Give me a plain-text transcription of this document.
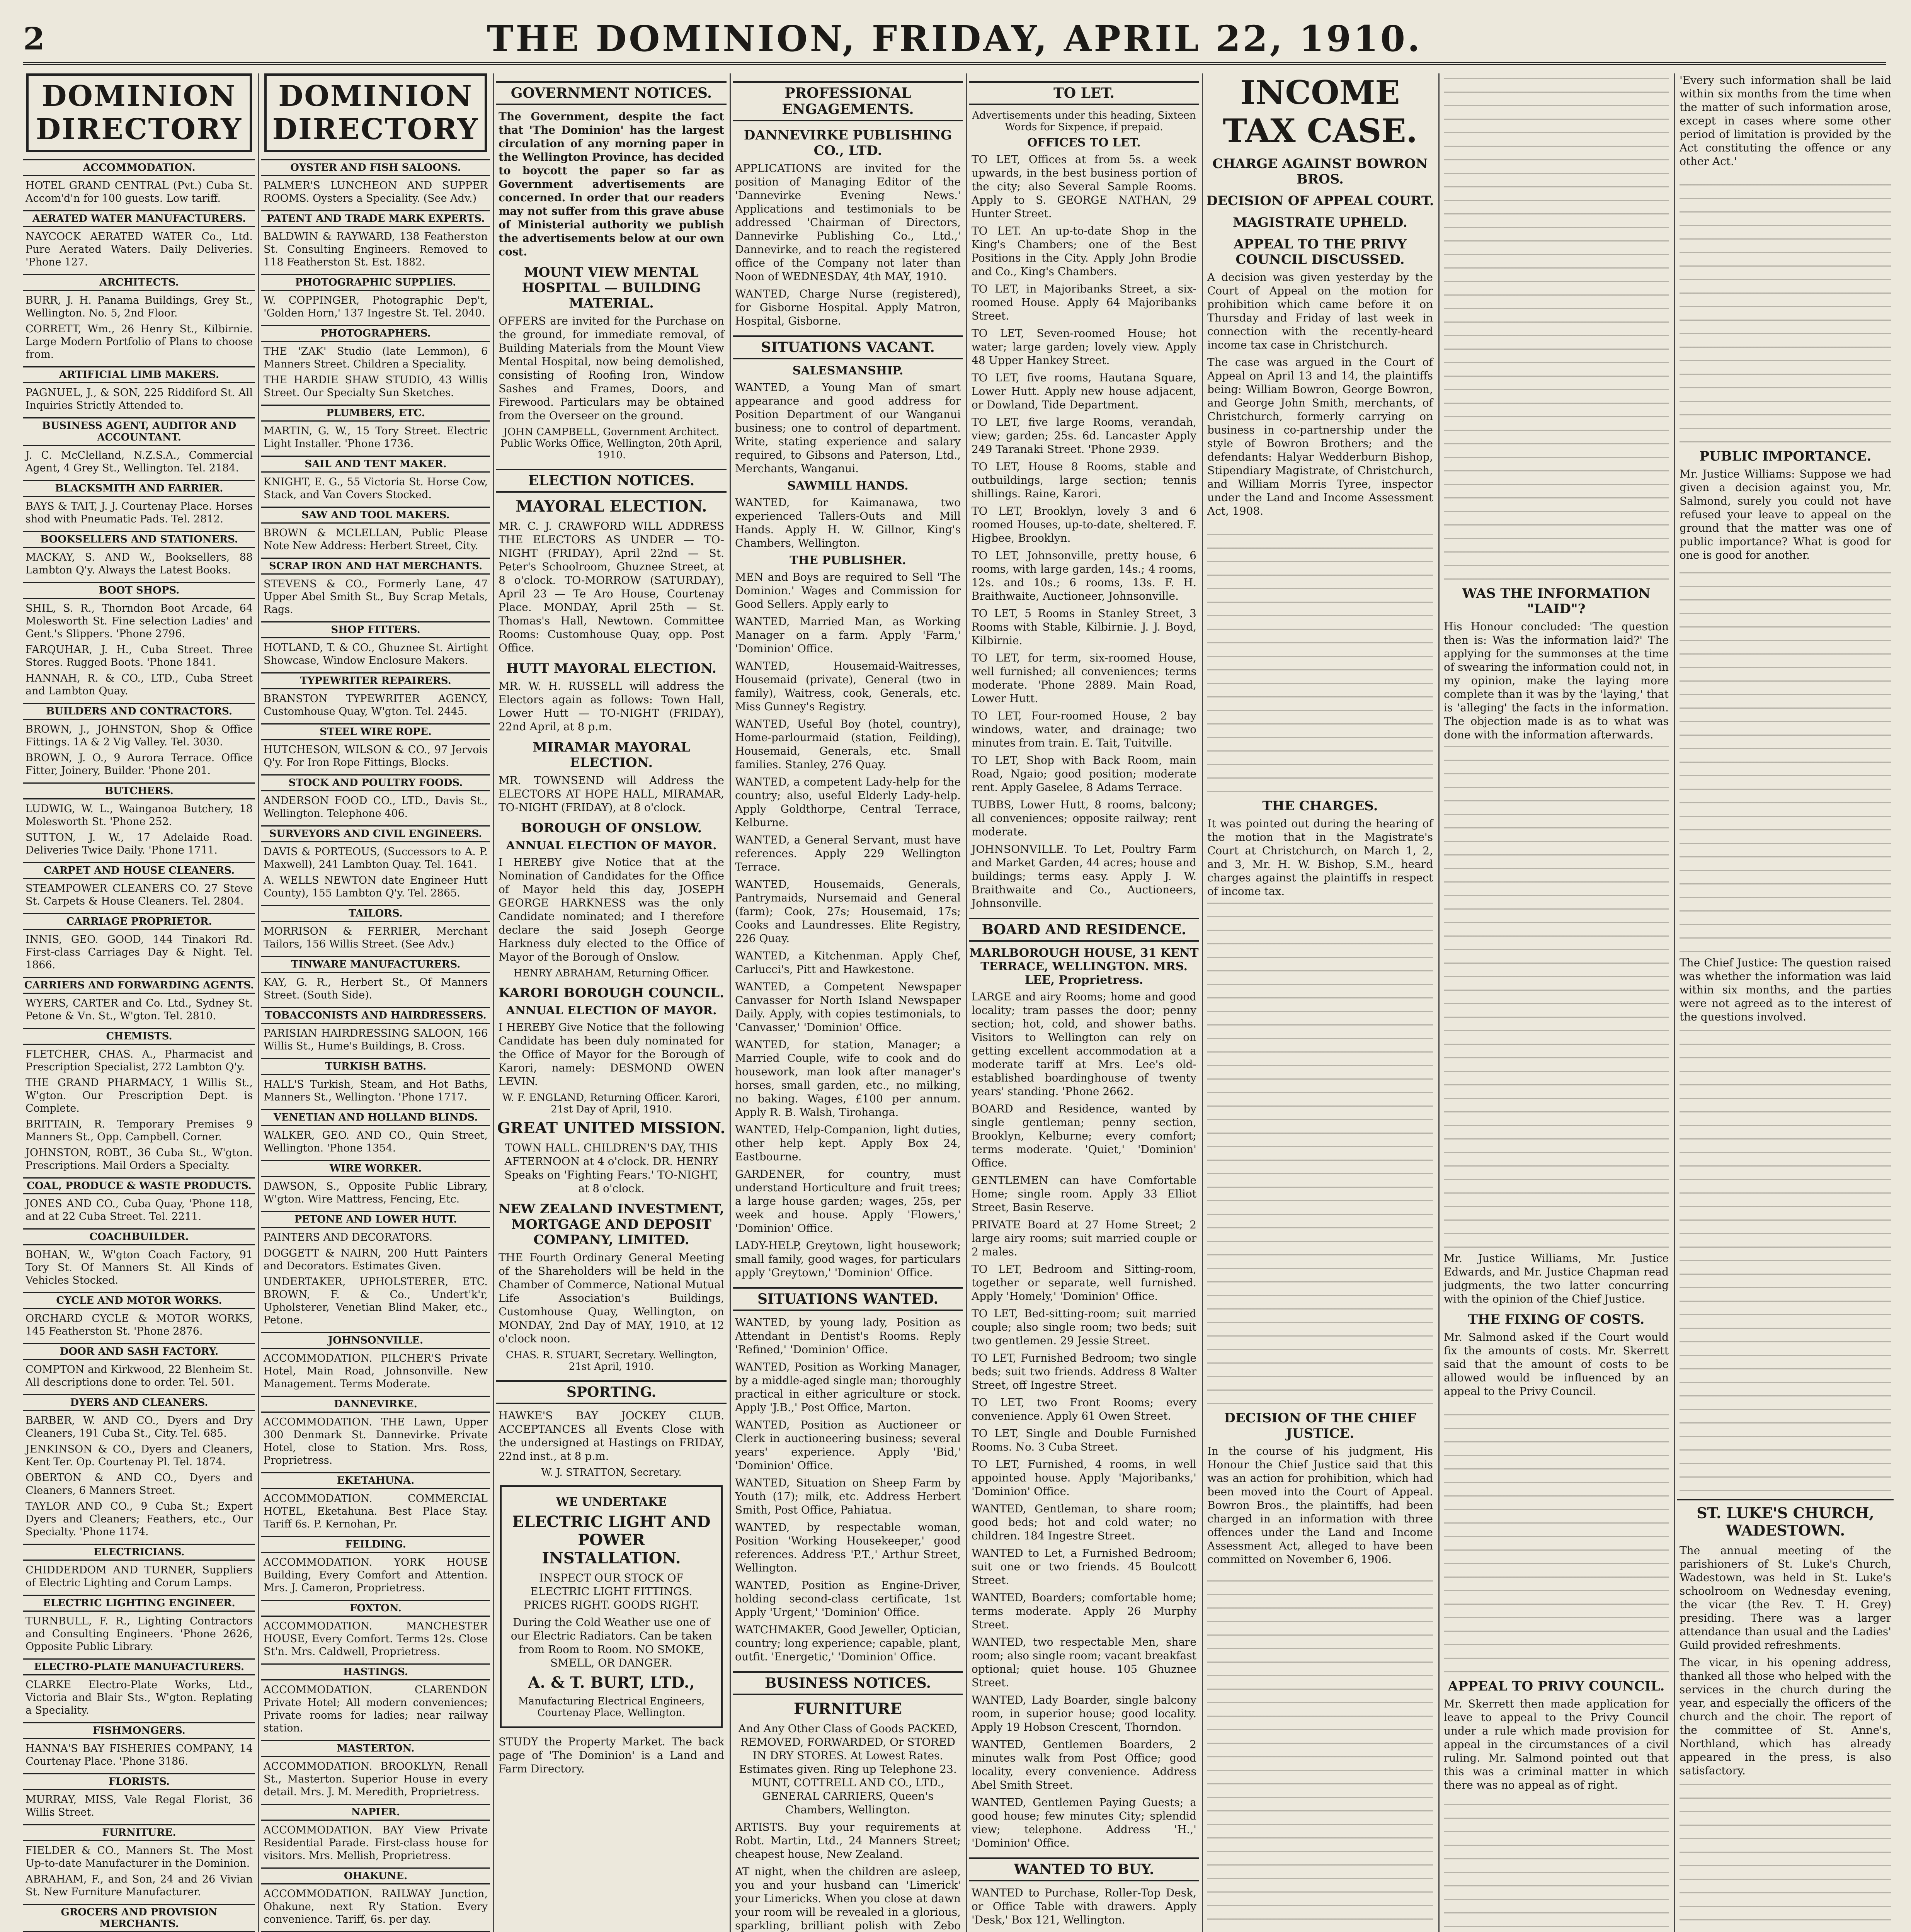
2	THE DOMINION, FRIDAY, APRIL 22, 1910.
DOMINION DIRECTORY
ACCOMMODATION.
HOTEL GRAND CENTRAL (Pvt.) Cuba St. Accom'd'n for 100 guests. Low tariff.
AERATED WATER MANUFACTURERS.
NAYCOCK AERATED WATER Co., Ltd. Pure Aerated Waters. Daily Deliveries. 'Phone 127.
ARCHITECTS.
BURR, J. H. Panama Buildings, Grey St., Wellington. No. 5, 2nd Floor.
CORRETT, Wm., 26 Henry St., Kilbirnie. Large Modern Portfolio of Plans to choose from.
ARTIFICIAL LIMB MAKERS.
PAGNUEL, J., & SON, 225 Riddiford St. All Inquiries Strictly Attended to.
BUSINESS AGENT, AUDITOR AND ACCOUNTANT.
J. C. McClelland, N.Z.S.A., Commercial Agent, 4 Grey St., Wellington. Tel. 2184.
BLACKSMITH AND FARRIER.
BAYS & TAIT, J. J. Courtenay Place. Horses shod with Pneumatic Pads. Tel. 2812.
BOOKSELLERS AND STATIONERS.
MACKAY, S. AND W., Booksellers, 88 Lambton Q'y. Always the Latest Books.
BOOT SHOPS.
SHIL, S. R., Thorndon Boot Arcade, 64 Molesworth St. Fine selection Ladies' and Gent.'s Slippers. 'Phone 2796.
FARQUHAR, J. H., Cuba Street. Three Stores. Rugged Boots. 'Phone 1841.
HANNAH, R. & CO., LTD., Cuba Street and Lambton Quay.
BUILDERS AND CONTRACTORS.
BROWN, J., JOHNSTON, Shop & Office Fittings. 1A & 2 Vig Valley. Tel. 3030.
BROWN, J. O., 9 Aurora Terrace. Office Fitter, Joinery, Builder. 'Phone 201.
BUTCHERS.
LUDWIG, W. L., Wainganoa Butchery, 18 Molesworth St. 'Phone 252.
SUTTON, J. W., 17 Adelaide Road. Deliveries Twice Daily. 'Phone 1711.
CARPET AND HOUSE CLEANERS.
STEAMPOWER CLEANERS CO. 27 Steve St. Carpets & House Cleaners. Tel. 2804.
CARRIAGE PROPRIETOR.
INNIS, GEO. GOOD, 144 Tinakori Rd. First-class Carriages Day & Night. Tel. 1866.
CARRIERS AND FORWARDING AGENTS.
WYERS, CARTER and Co. Ltd., Sydney St. Petone & Vn. St., W'gton. Tel. 2810.
CHEMISTS.
FLETCHER, CHAS. A., Pharmacist and Prescription Specialist, 272 Lambton Q'y.
THE GRAND PHARMACY, 1 Willis St., W'gton. Our Prescription Dept. is Complete.
BRITTAIN, R. Temporary Premises 9 Manners St., Opp. Campbell. Corner.
JOHNSTON, ROBT., 36 Cuba St., W'gton. Prescriptions. Mail Orders a Specialty.
COAL, PRODUCE & WASTE PRODUCTS.
JONES AND CO., Cuba Quay, 'Phone 118, and at 22 Cuba Street. Tel. 2211.
COACHBUILDER.
BOHAN, W., W'gton Coach Factory, 91 Tory St. Of Manners St. All Kinds of Vehicles Stocked.
CYCLE AND MOTOR WORKS.
ORCHARD CYCLE & MOTOR WORKS, 145 Featherston St. 'Phone 2876.
DOOR AND SASH FACTORY.
COMPTON and Kirkwood, 22 Blenheim St. All descriptions done to order. Tel. 501.
DYERS AND CLEANERS.
BARBER, W. AND CO., Dyers and Dry Cleaners, 191 Cuba St., City. Tel. 685.
JENKINSON & CO., Dyers and Cleaners, Kent Ter. Op. Courtenay Pl. Tel. 1874.
OBERTON & AND CO., Dyers and Cleaners, 6 Manners Street.
TAYLOR AND CO., 9 Cuba St.; Expert Dyers and Cleaners; Feathers, etc., Our Specialty. 'Phone 1174.
ELECTRICIANS.
CHIDDERDOM AND TURNER, Suppliers of Electric Lighting and Corum Lamps.
ELECTRIC LIGHTING ENGINEER.
TURNBULL, F. R., Lighting Contractors and Consulting Engineers. 'Phone 2626, Opposite Public Library.
ELECTRO-PLATE MANUFACTURERS.
CLARKE Electro-Plate Works, Ltd., Victoria and Blair Sts., W'gton. Replating a Speciality.
FISHMONGERS.
HANNA'S BAY FISHERIES COMPANY, 14 Courtenay Place. 'Phone 3186.
FLORISTS.
MURRAY, MISS, Vale Regal Florist, 36 Willis Street.
FURNITURE.
FIELDER & CO., Manners St. The Most Up-to-date Manufacturer in the Dominion.
ABRAHAM, F., and Son, 24 and 26 Vivian St. New Furniture Manufacturer.
GROCERS AND PROVISION MERCHANTS.
DOMINION DIRECTORY
OYSTER AND FISH SALOONS.
PALMER'S LUNCHEON AND SUPPER ROOMS. Oysters a Speciality. (See Adv.)
PATENT AND TRADE MARK EXPERTS.
BALDWIN & RAYWARD, 138 Featherston St. Consulting Engineers. Removed to 118 Featherston St. Est. 1882.
PHOTOGRAPHIC SUPPLIES.
W. COPPINGER, Photographic Dep't, 'Golden Horn,' 137 Ingestre St. Tel. 2040.
PHOTOGRAPHERS.
THE 'ZAK' Studio (late Lemmon), 6 Manners Street. Children a Speciality.
THE HARDIE SHAW STUDIO, 43 Willis Street. Our Specialty Sun Sketches.
PLUMBERS, ETC.
MARTIN, G. W., 15 Tory Street. Electric Light Installer. 'Phone 1736.
SAIL AND TENT MAKER.
KNIGHT, E. G., 55 Victoria St. Horse Cow, Stack, and Van Covers Stocked.
SAW AND TOOL MAKERS.
BROWN & MCLELLAN, Public Please Note New Address: Herbert Street, City.
SCRAP IRON AND HAT MERCHANTS.
STEVENS & CO., Formerly Lane, 47 Upper Abel Smith St., Buy Scrap Metals, Rags.
SHOP FITTERS.
HOTLAND, T. & CO., Ghuznee St. Airtight Showcase, Window Enclosure Makers.
TYPEWRITER REPAIRERS.
BRANSTON TYPEWRITER AGENCY, Customhouse Quay, W'gton. Tel. 2445.
STEEL WIRE ROPE.
HUTCHESON, WILSON & CO., 97 Jervois Q'y. For Iron Rope Fittings, Blocks.
STOCK AND POULTRY FOODS.
ANDERSON FOOD CO., LTD., Davis St., Wellington. Telephone 406.
SURVEYORS AND CIVIL ENGINEERS.
DAVIS & PORTEOUS, (Successors to A. P. Maxwell), 241 Lambton Quay. Tel. 1641.
A. WELLS NEWTON date Engineer Hutt County), 155 Lambton Q'y. Tel. 2865.
TAILORS.
MORRISON & FERRIER, Merchant Tailors, 156 Willis Street. (See Adv.)
TINWARE MANUFACTURERS.
KAY, G. R., Herbert St., Of Manners Street. (South Side).
TOBACCONISTS AND HAIRDRESSERS.
PARISIAN HAIRDRESSING SALOON, 166 Willis St., Hume's Buildings, B. Cross.
TURKISH BATHS.
HALL'S Turkish, Steam, and Hot Baths, Manners St., Wellington. 'Phone 1717.
VENETIAN AND HOLLAND BLINDS.
WALKER, GEO. AND CO., Quin Street, Wellington. 'Phone 1354.
WIRE WORKER.
DAWSON, S., Opposite Public Library, W'gton. Wire Mattress, Fencing, Etc.
PETONE AND LOWER HUTT.
PAINTERS AND DECORATORS.
DOGGETT & NAIRN, 200 Hutt Painters and Decorators. Estimates Given.
UNDERTAKER, UPHOLSTERER, ETC. BROWN, F. & Co., Undert'k'r, Upholsterer, Venetian Blind Maker, etc., Petone.
JOHNSONVILLE.
ACCOMMODATION. PILCHER'S Private Hotel, Main Road, Johnsonville. New Management. Terms Moderate.
DANNEVIRKE.
ACCOMMODATION. THE Lawn, Upper 300 Denmark St. Dannevirke. Private Hotel, close to Station. Mrs. Ross, Proprietress.
EKETAHUNA.
ACCOMMODATION. COMMERCIAL HOTEL, Eketahuna. Best Place Stay. Tariff 6s. P. Kernohan, Pr.
FEILDING.
ACCOMMODATION. YORK HOUSE Building, Every Comfort and Attention. Mrs. J. Cameron, Proprietress.
FOXTON.
ACCOMMODATION. MANCHESTER HOUSE, Every Comfort. Terms 12s. Close St'n. Mrs. Caldwell, Proprietress.
HASTINGS.
ACCOMMODATION. CLARENDON Private Hotel; All modern conveniences; Private rooms for ladies; near railway station.
MASTERTON.
ACCOMMODATION. BROOKLYN, Renall St., Masterton. Superior House in every detail. Mrs. J. M. Meredith, Proprietress.
NAPIER.
ACCOMMODATION. BAY View Private Residential Parade. First-class house for visitors. Mrs. Mellish, Proprietress.
OHAKUNE.
ACCOMMODATION. RAILWAY Junction, Ohakune, next R'y Station. Every convenience. Tariff, 6s. per day.
GOVERNMENT NOTICES.
The Government, despite the fact that 'The Dominion' has the largest circulation of any morning paper in the Wellington Province, has decided to boycott the paper so far as Government advertisements are concerned. In order that our readers may not suffer from this grave abuse of Ministerial authority we publish the advertisements below at our own cost.
MOUNT VIEW MENTAL HOSPITAL — BUILDING MATERIAL.
OFFERS are invited for the Purchase on the ground, for immediate removal, of Building Materials from the Mount View Mental Hospital, now being demolished, consisting of Roofing Iron, Window Sashes and Frames, Doors, and Firewood. Particulars may be obtained from the Overseer on the ground.
JOHN CAMPBELL, Government Architect. Public Works Office, Wellington, 20th April, 1910.
ELECTION NOTICES.
MAYORAL ELECTION.
MR. C. J. CRAWFORD WILL ADDRESS THE ELECTORS AS UNDER — TO-NIGHT (FRIDAY), April 22nd — St. Peter's Schoolroom, Ghuznee Street, at 8 o'clock. TO-MORROW (SATURDAY), April 23 — Te Aro House, Courtenay Place. MONDAY, April 25th — St. Thomas's Hall, Newtown. Committee Rooms: Customhouse Quay, opp. Post Office.
HUTT MAYORAL ELECTION.
MR. W. H. RUSSELL will address the Electors again as follows: Town Hall, Lower Hutt — TO-NIGHT (FRIDAY), 22nd April, at 8 p.m.
MIRAMAR MAYORAL ELECTION.
MR. TOWNSEND will Address the ELECTORS AT HOPE HALL, MIRAMAR, TO-NIGHT (FRIDAY), at 8 o'clock.
BOROUGH OF ONSLOW.
ANNUAL ELECTION OF MAYOR.
I HEREBY give Notice that at the Nomination of Candidates for the Office of Mayor held this day, JOSEPH GEORGE HARKNESS was the only Candidate nominated; and I therefore declare the said Joseph George Harkness duly elected to the Office of Mayor of the Borough of Onslow.
HENRY ABRAHAM, Returning Officer.
KARORI BOROUGH COUNCIL.
ANNUAL ELECTION OF MAYOR.
I HEREBY Give Notice that the following Candidate has been duly nominated for the Office of Mayor for the Borough of Karori, namely: DESMOND OWEN LEVIN.
W. F. ENGLAND, Returning Officer. Karori, 21st Day of April, 1910.
GREAT UNITED MISSION.
TOWN HALL. CHILDREN'S DAY, THIS AFTERNOON at 4 o'clock. DR. HENRY Speaks on 'Fighting Fears.' TO-NIGHT, at 8 o'clock.
NEW ZEALAND INVESTMENT, MORTGAGE AND DEPOSIT COMPANY, LIMITED.
THE Fourth Ordinary General Meeting of the Shareholders will be held in the Chamber of Commerce, National Mutual Life Association's Buildings, Customhouse Quay, Wellington, on MONDAY, 2nd Day of MAY, 1910, at 12 o'clock noon.
CHAS. R. STUART, Secretary. Wellington, 21st April, 1910.
SPORTING.
HAWKE'S BAY JOCKEY CLUB. ACCEPTANCES all Events Close with the undersigned at Hastings on FRIDAY, 22nd inst., at 8 p.m.
W. J. STRATTON, Secretary.
WE UNDERTAKE
ELECTRIC LIGHT AND POWER INSTALLATION.
INSPECT OUR STOCK OF ELECTRIC LIGHT FITTINGS. PRICES RIGHT. GOODS RIGHT.
During the Cold Weather use one of our Electric Radiators. Can be taken from Room to Room. NO SMOKE, SMELL, OR DANGER.
A. & T. BURT, LTD.,
Manufacturing Electrical Engineers, Courtenay Place, Wellington.
STUDY the Property Market. The back page of 'The Dominion' is a Land and Farm Directory.
PROFESSIONAL ENGAGEMENTS.
DANNEVIRKE PUBLISHING CO., LTD.
APPLICATIONS are invited for the position of Managing Editor of the 'Dannevirke Evening News.' Applications and testimonials to be addressed 'Chairman of Directors, Dannevirke Publishing Co., Ltd.,' Dannevirke, and to reach the registered office of the Company not later than Noon of WEDNESDAY, 4th MAY, 1910.
WANTED, Charge Nurse (registered), for Gisborne Hospital. Apply Matron, Hospital, Gisborne.
SITUATIONS VACANT.
SALESMANSHIP.
WANTED, a Young Man of smart appearance and good address for Position Department of our Wanganui business; one to control of department. Write, stating experience and salary required, to Gibsons and Paterson, Ltd., Merchants, Wanganui.
SAWMILL HANDS.
WANTED, for Kaimanawa, two experienced Tallers-Outs and Mill Hands. Apply H. W. Gillnor, King's Chambers, Wellington.
THE PUBLISHER.
MEN and Boys are required to Sell 'The Dominion.' Wages and Commission for Good Sellers. Apply early to
WANTED, Married Man, as Working Manager on a farm. Apply 'Farm,' 'Dominion' Office.
WANTED, Housemaid-Waitresses, Housemaid (private), General (two in family), Waitress, cook, Generals, etc. Miss Gunney's Registry.
WANTED, Useful Boy (hotel, country), Home-parlourmaid (station, Feilding), Housemaid, Generals, etc. Small families. Stanley, 276 Quay.
WANTED, a competent Lady-help for the country; also, useful Elderly Lady-help. Apply Goldthorpe, Central Terrace, Kelburne.
WANTED, a General Servant, must have references. Apply 229 Wellington Terrace.
WANTED, Housemaids, Generals, Pantrymaids, Nursemaid and General (farm); Cook, 27s; Housemaid, 17s; Cooks and Laundresses. Elite Registry, 226 Quay.
WANTED, a Kitchenman. Apply Chef, Carlucci's, Pitt and Hawkestone.
WANTED, a Competent Newspaper Canvasser for North Island Newspaper Daily. Apply, with copies testimonials, to 'Canvasser,' 'Dominion' Office.
WANTED, for station, Manager; a Married Couple, wife to cook and do housework, man look after manager's horses, small garden, etc., no milking, no baking. Wages, £100 per annum. Apply R. B. Walsh, Tirohanga.
WANTED, Help-Companion, light duties, other help kept. Apply Box 24, Eastbourne.
GARDENER, for country, must understand Horticulture and fruit trees; a large house garden; wages, 25s, per week and house. Apply 'Flowers,' 'Dominion' Office.
LADY-HELP, Greytown, light housework; small family, good wages, for particulars apply 'Greytown,' 'Dominion' Office.
SITUATIONS WANTED.
WANTED, by young lady, Position as Attendant in Dentist's Rooms. Reply 'Refined,' 'Dominion' Office.
WANTED, Position as Working Manager, by a middle-aged single man; thoroughly practical in either agriculture or stock. Apply 'J.B.,' Post Office, Marton.
WANTED, Position as Auctioneer or Clerk in auctioneering business; several years' experience. Apply 'Bid,' 'Dominion' Office.
WANTED, Situation on Sheep Farm by Youth (17); milk, etc. Address Herbert Smith, Post Office, Pahiatua.
WANTED, by respectable woman, Position 'Working Housekeeper,' good references. Address 'P.T.,' Arthur Street, Wellington.
WANTED, Position as Engine-Driver, holding second-class certificate, 1st Apply 'Urgent,' 'Dominion' Office.
WATCHMAKER, Good Jeweller, Optician, country; long experience; capable, plant, outfit. 'Energetic,' 'Dominion' Office.
BUSINESS NOTICES.
FURNITURE
And Any Other Class of Goods PACKED, REMOVED, FORWARDED, Or STORED IN DRY STORES. At Lowest Rates. Estimates given. Ring up Telephone 23. MUNT, COTTRELL AND CO., LTD., GENERAL CARRIERS, Queen's Chambers, Wellington.
ARTISTS. Buy your requirements at Robt. Martin, Ltd., 24 Manners Street; cheapest house, New Zealand.
AT night, when the children are asleep, you and your husband can 'Limerick' your Limericks. When you close at dawn your room will be revealed in a glorious, sparkling, brilliant polish with Zebo
TO LET.
Advertisements under this heading, Sixteen Words for Sixpence, if prepaid.
OFFICES TO LET.
TO LET, Offices at from 5s. a week upwards, in the best business portion of the city; also Several Sample Rooms. Apply to S. GEORGE NATHAN, 29 Hunter Street.
TO LET. An up-to-date Shop in the King's Chambers; one of the Best Positions in the City. Apply John Brodie and Co., King's Chambers.
TO LET, in Majoribanks Street, a six-roomed House. Apply 64 Majoribanks Street.
TO LET, Seven-roomed House; hot water; large garden; lovely view. Apply 48 Upper Hankey Street.
TO LET, five rooms, Hautana Square, Lower Hutt. Apply new house adjacent, or Dowland, Tide Department.
TO LET, five large Rooms, verandah, view; garden; 25s. 6d. Lancaster Apply 249 Taranaki Street. 'Phone 2939.
TO LET, House 8 Rooms, stable and outbuildings, large section; tennis shillings. Raine, Karori.
TO LET, Brooklyn, lovely 3 and 6 roomed Houses, up-to-date, sheltered. F. Higbee, Brooklyn.
TO LET, Johnsonville, pretty house, 6 rooms, with large garden, 14s.; 4 rooms, 12s. and 10s.; 6 rooms, 13s. F. H. Braithwaite, Auctioneer, Johnsonville.
TO LET, 5 Rooms in Stanley Street, 3 Rooms with Stable, Kilbirnie. J. J. Boyd, Kilbirnie.
TO LET, for term, six-roomed House, well furnished; all conveniences; terms moderate. 'Phone 2889. Main Road, Lower Hutt.
TO LET, Four-roomed House, 2 bay windows, water, and drainage; two minutes from train. E. Tait, Tuitville.
TO LET, Shop with Back Room, main Road, Ngaio; good position; moderate rent. Apply Gaselee, 8 Adams Terrace.
TUBBS, Lower Hutt, 8 rooms, balcony; all conveniences; opposite railway; rent moderate.
JOHNSONVILLE. To Let, Poultry Farm and Market Garden, 44 acres; house and buildings; terms easy. Apply J. W. Braithwaite and Co., Auctioneers, Johnsonville.
BOARD AND RESIDENCE.
MARLBOROUGH HOUSE, 31 KENT TERRACE, WELLINGTON. MRS. LEE, Proprietress.
LARGE and airy Rooms; home and good locality; tram passes the door; penny section; hot, cold, and shower baths. Visitors to Wellington can rely on getting excellent accommodation at a moderate tariff at Mrs. Lee's old-established boardinghouse of twenty years' standing. 'Phone 2662.
BOARD and Residence, wanted by single gentleman; penny section, Brooklyn, Kelburne; every comfort; terms moderate. 'Quiet,' 'Dominion' Office.
GENTLEMEN can have Comfortable Home; single room. Apply 33 Elliot Street, Basin Reserve.
PRIVATE Board at 27 Home Street; 2 large airy rooms; suit married couple or 2 males.
TO LET, Bedroom and Sitting-room, together or separate, well furnished. Apply 'Homely,' 'Dominion' Office.
TO LET, Bed-sitting-room; suit married couple; also single room; two beds; suit two gentlemen. 29 Jessie Street.
TO LET, Furnished Bedroom; two single beds; suit two friends. Address 8 Walter Street, off Ingestre Street.
TO LET, two Front Rooms; every convenience. Apply 61 Owen Street.
TO LET, Single and Double Furnished Rooms. No. 3 Cuba Street.
TO LET, Furnished, 4 rooms, in well appointed house. Apply 'Majoribanks,' 'Dominion' Office.
WANTED, Gentleman, to share room; good beds; hot and cold water; no children. 184 Ingestre Street.
WANTED to Let, a Furnished Bedroom; suit one or two friends. 45 Boulcott Street.
WANTED, Boarders; comfortable home; terms moderate. Apply 26 Murphy Street.
WANTED, two respectable Men, share room; also single room; vacant breakfast optional; quiet house. 105 Ghuznee Street.
WANTED, Lady Boarder, single balcony room, in superior house; good locality. Apply 19 Hobson Crescent, Thorndon.
WANTED, Gentlemen Boarders, 2 minutes walk from Post Office; good locality, every convenience. Address Abel Smith Street.
WANTED, Gentlemen Paying Guests; a good house; few minutes City; splendid view; telephone. Address 'H.,' 'Dominion' Office.
WANTED TO BUY.
WANTED to Purchase, Roller-Top Desk, or Office Table with drawers. Apply 'Desk,' Box 121, Wellington.
INCOME TAX CASE.
CHARGE AGAINST BOWRON BROS.
DECISION OF APPEAL COURT.
MAGISTRATE UPHELD.
APPEAL TO THE PRIVY COUNCIL DISCUSSED.
A decision was given yesterday by the Court of Appeal on the motion for prohibition which came before it on Thursday and Friday of last week in connection with the recently-heard income tax case in Christchurch.
The case was argued in the Court of Appeal on April 13 and 14, the plaintiffs being: William Bowron, George Bowron, and George John Smith, merchants, of Christchurch, formerly carrying on business in co-partnership under the style of Bowron Brothers; and the defendants: Halyar Wedderburn Bishop, Stipendiary Magistrate, of Christchurch, and William Morris Tyree, inspector under the Land and Income Assessment Act, 1908.
THE CHARGES.
It was pointed out during the hearing of the motion that in the Magistrate's Court at Christchurch, on March 1, 2, and 3, Mr. H. W. Bishop, S.M., heard charges against the plaintiffs in respect of income tax.
DECISION OF THE CHIEF JUSTICE.
In the course of his judgment, His Honour the Chief Justice said that this was an action for prohibition, which had been moved into the Court of Appeal. Bowron Bros., the plaintiffs, had been charged in an information with three offences under the Land and Income Assessment Act, alleged to have been committed on November 6, 1906.
WAS THE INFORMATION "LAID"?
His Honour concluded: 'The question then is: Was the information laid?' The applying for the summonses at the time of swearing the information could not, in my opinion, make the laying more complete than it was by the 'laying,' that is 'alleging' the facts in the information. The objection made is as to what was done with the information afterwards.
Mr. Justice Williams, Mr. Justice Edwards, and Mr. Justice Chapman read judgments, the two latter concurring with the opinion of the Chief Justice.
THE FIXING OF COSTS.
Mr. Salmond asked if the Court would fix the amounts of costs. Mr. Skerrett said that the amount of costs to be allowed would be influenced by an appeal to the Privy Council.
APPEAL TO PRIVY COUNCIL.
Mr. Skerrett then made application for leave to appeal to the Privy Council under a rule which made provision for appeal in the circumstances of a civil ruling. Mr. Salmond pointed out that this was a criminal matter in which there was no appeal as of right.
'Every such information shall be laid within six months from the time when the matter of such information arose, except in cases where some other period of limitation is provided by the Act constituting the offence or any other Act.'
PUBLIC IMPORTANCE.
Mr. Justice Williams: Suppose we had given a decision against you, Mr. Salmond, surely you could not have refused your leave to appeal on the ground that the matter was one of public importance? What is good for one is good for another.
The Chief Justice: The question raised was whether the information was laid within six months, and the parties were not agreed as to the interest of the questions involved.
ST. LUKE'S CHURCH, WADESTOWN.
The annual meeting of the parishioners of St. Luke's Church, Wadestown, was held in St. Luke's schoolroom on Wednesday evening, the vicar (the Rev. T. H. Grey) presiding. There was a larger attendance than usual and the Ladies' Guild provided refreshments.
The vicar, in his opening address, thanked all those who helped with the services in the church during the year, and especially the officers of the church and the choir. The report of the committee of St. Anne's, Northland, which has already appeared in the press, is also satisfactory.
